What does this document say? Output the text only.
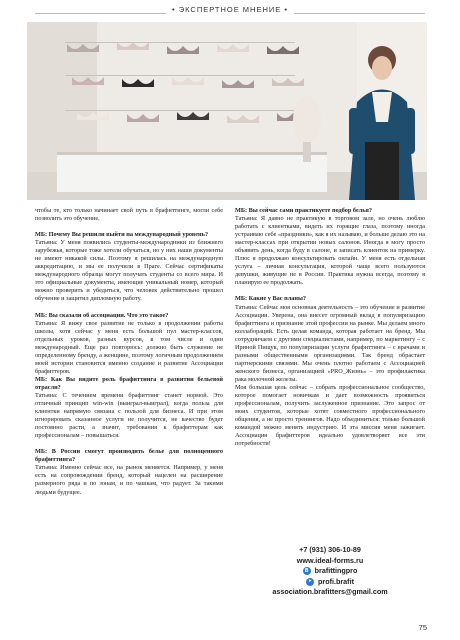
• ЭКСПЕРТНОЕ МНЕНИЕ •

чтобы те, кто только начинает свой путь в брафиттинге, могли себе позволить это обучение.

МБ: Почему Вы решили выйти на международный уровень?

Татьяна: У меня появились студенты-международники из ближнего зарубежья, которые тоже хотели обучаться, но у них наши документы не имеют никакой силы. Поэтому я решилась на международную аккредитацию, и мы ее получили в Праге. Сейчас сертификаты международного образца могут получать студенты со всего мира. И это официальные документы, имеющие уникальный номер, который можно проверить и убедиться, что человек действительно прошел обучение и защитил дипломную работу.

МБ: Вы сказали об ассоциации. Что это такое?

Татьяна: Я вижу свое развитие не только в продолжении работы школы, хотя сейчас у меня есть большой пул мастер-классов, отдельных уроков, разных курсов, в том числе и один международный. Еще раз повторюсь: должно быть служение не определенному бренду, а женщине, поэтому логичным продолжением моей истории становится именно создание и развитие Ассоциации брафиттеров.

МБ: Как Вы видите роль брафиттинга в развитии бельевой отрасли?

Татьяна: С течением времени брафиттинг станет нормой. Это отличный принцип win-win (выиграл-выиграл), когда польза для клиентки напрямую связана с пользой для бизнеса. И при этом игнорировать сказанное услуги не получится, не качество будет постоянно расти, а значит, требования к брафиттерам как профессионалам – повышаться.

МБ: В России смогут производить белье для полноценного брафиттинга?

Татьяна: Именно сейчас все, на рынок меняется. Например, у меня есть на сопровождении бренд, который нацелен на расширение размерного ряда и по зонам, и по чашкам, что радует. За такими людьми будущее.

МБ: Вы сейчас сами практикуете подбор белья?

Татьяна: Я давно не практикую в торговом зале, но очень люблю работать с клиентками, видеть их горящие глаза, поэтому иногда устраиваю себе «праздники», как я их называю, и больше делаю это на мастер-классах при открытии новых салонов. Иногда я могу просто объявить день, когда буду в салоне, и записать клиенток на примерку. Плюс я продолжаю консультировать онлайн. У меня есть отдельная услуга – личная консультация, которой чаще всего пользуются девушки, живущие не в России. Практика нужна всегда, поэтому я планирую ее продолжать.

МБ: Какие у Вас планы?

Татьяна: Сейчас моя основная деятельность – это обучение и развитие Ассоциации. Уверена, она внесет огромный вклад в популяризацию брафиттинга и признание этой профессии на рынке. Мы делаем много коллабораций. Есть целая команда, которая работает на бренд. Мы сотрудничаем с другими специалистами, например, по маркетингу – с Ириной Пищук, по популяризации услуги брафиттинга – с врачами и разными общественными организациями. Так бренд обрастает партнерскими связями. Мы очень плотно работаем с Ассоциацией женского бизнеса, организацией «PRO_Жизнь» – это профилактика рака молочной железы.

Моя большая цель сейчас – собрать профессиональное сообщество, которое помогает новичкам и дает возможность проявиться профессионалам, получить заслуженное признание. Это запрос от моих студентов, которые хотят совместного профессионального общения, а не просто тренингов. Надо объединиться: только большой командой можно менять индустрию. И эта миссия меня зажигает. Ассоциация брафиттеров идеально удовлетворяет все эти потребности!

+7 (931) 306-10-89
www.ideal-forms.ru
В
brafittingpro
➤
profi.brafit
association.brafitters@gmail.com
75
